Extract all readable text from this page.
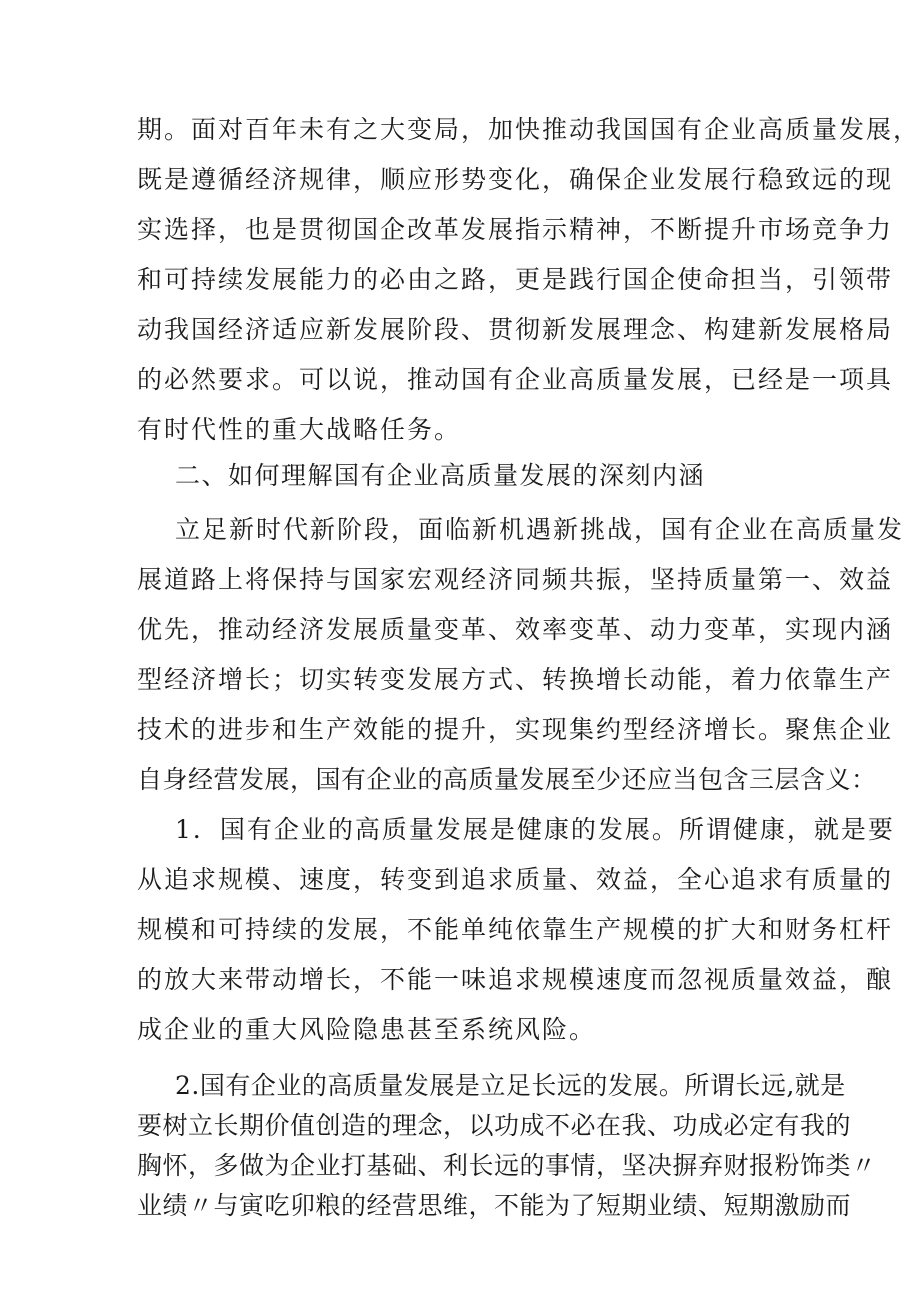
期。面对百年未有之大变局，加快推动我国国有企业高质量发展，
既是遵循经济规律，顺应形势变化，确保企业发展行稳致远的现
实选择，也是贯彻国企改革发展指示精神，不断提升市场竞争力
和可持续发展能力的必由之路，更是践行国企使命担当，引领带
动我国经济适应新发展阶段、贯彻新发展理念、构建新发展格局
的必然要求。可以说，推动国有企业高质量发展，已经是一项具
有时代性的重大战略任务。
二、如何理解国有企业高质量发展的深刻内涵
立足新时代新阶段，面临新机遇新挑战，国有企业在高质量发
展道路上将保持与国家宏观经济同频共振，坚持质量第一、效益
优先，推动经济发展质量变革、效率变革、动力变革，实现内涵
型经济增长；切实转变发展方式、转换增长动能，着力依靠生产
技术的进步和生产效能的提升，实现集约型经济增长。聚焦企业
自身经营发展，国有企业的高质量发展至少还应当包含三层含义：
1．国有企业的高质量发展是健康的发展。所谓健康，就是要
从追求规模、速度，转变到追求质量、效益，全心追求有质量的
规模和可持续的发展，不能单纯依靠生产规模的扩大和财务杠杆
的放大来带动增长，不能一味追求规模速度而忽视质量效益，酿
成企业的重大风险隐患甚至系统风险。
2.国有企业的高质量发展是立足长远的发展。所谓长远,就是
要树立长期价值创造的理念，以功成不必在我、功成必定有我的
胸怀，多做为企业打基础、利长远的事情，坚决摒弃财报粉饰类〃
业绩〃与寅吃卯粮的经营思维，不能为了短期业绩、短期激励而
